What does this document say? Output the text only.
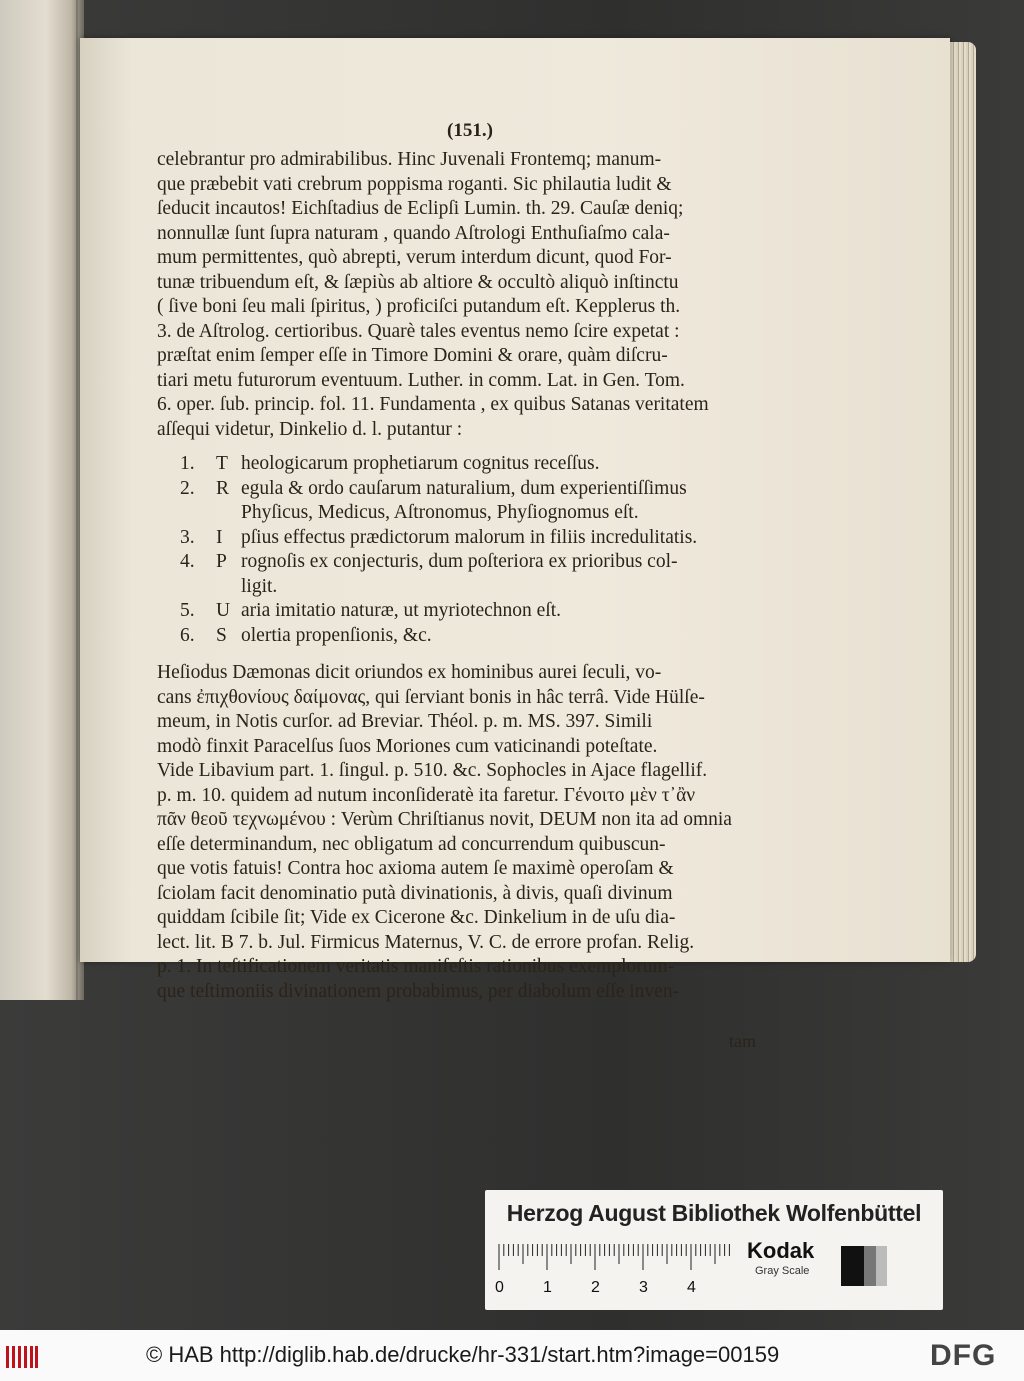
(151.)
celebrantur pro admirabilibus. Hinc Juvenali Frontemq; manum-
que præbebit vati crebrum poppisma roganti. Sic philautia ludit &
ſeducit incautos! Eichſtadius de Eclipſi Lumin. th. 29. Cauſæ deniq;
nonnullæ ſunt ſupra naturam , quando Aſtrologi Enthuſiaſmo cala-
mum permittentes, quò abrepti, verum interdum dicunt, quod For-
tunæ tribuendum eſt, & ſæpiùs ab altiore & occultò aliquò inſtinctu
( ſive boni ſeu mali ſpiritus, ) proficiſci putandum eſt. Kepplerus th.
3. de Aſtrolog. certioribus. Quarè tales eventus nemo ſcire expetat :
præſtat enim ſemper eſſe in Timore Domini & orare, quàm diſcru-
tiari metu futurorum eventuum. Luther. in comm. Lat. in Gen. Tom.
6. oper. ſub. princip. fol. 11. Fundamenta , ex quibus Satanas veritatem
aſſequi videtur, Dinkelio d. l. putantur :
1.	T heologicarum prophetiarum cognitus receſſus.
2.	R egula & ordo cauſarum naturalium, dum experientiſſimus
Phyſicus, Medicus, Aſtronomus, Phyſiognomus eſt.
3.	I pſius effectus prædictorum malorum in filiis incredulitatis.
4.	P rognoſis ex conjecturis, dum poſteriora ex prioribus col-
ligit.
5.	U aria imitatio naturæ, ut myriotechnon eſt.
6.	S olertia propenſionis, &c.
Heſiodus Dæmonas dicit oriundos ex hominibus aurei ſeculi, vo-
cans ἐπιχθονίους δαίμονας, qui ſerviant bonis in hâc terrâ. Vide Hülſe-
meum, in Notis curſor. ad Breviar. Théol. p. m. MS. 397. Simili
modò finxit Paracelſus ſuos Moriones cum vaticinandi poteſtate.
Vide Libavium part. 1. ſingul. p. 510. &c. Sophocles in Ajace flagellif.
p. m. 10. quidem ad nutum inconſideratè ita faretur. Γένοιτο μὲν τ᾽ἂν
πᾶν θεοῦ τεχνωμένου : Verùm Chriſtianus novit, DEUM non ita ad omnia
eſſe determinandum, nec obligatum ad concurrendum quibuscun-
que votis fatuis! Contra hoc axioma autem ſe maximè operoſam &
ſciolam facit denominatio putà divinationis, à divis, quaſi divinum
quiddam ſcibile ſit; Vide ex Cicerone &c. Dinkelium in de uſu dia-
lect. lit. B 7. b. Jul. Firmicus Maternus, V. C. de errore profan. Relig.
p. 1. In teſtificationem veritatis manifeſtis rationibus exemplorum-
que teſtimoniis divinationem probabimus, per diabolum eſſe inven-
tam
Herzog August Bibliothek Wolfenbüttel
0 1 2 3 4
Kodak
Gray Scale
© HAB http://diglib.hab.de/drucke/hr-331/start.htm?image=00159	DFG
